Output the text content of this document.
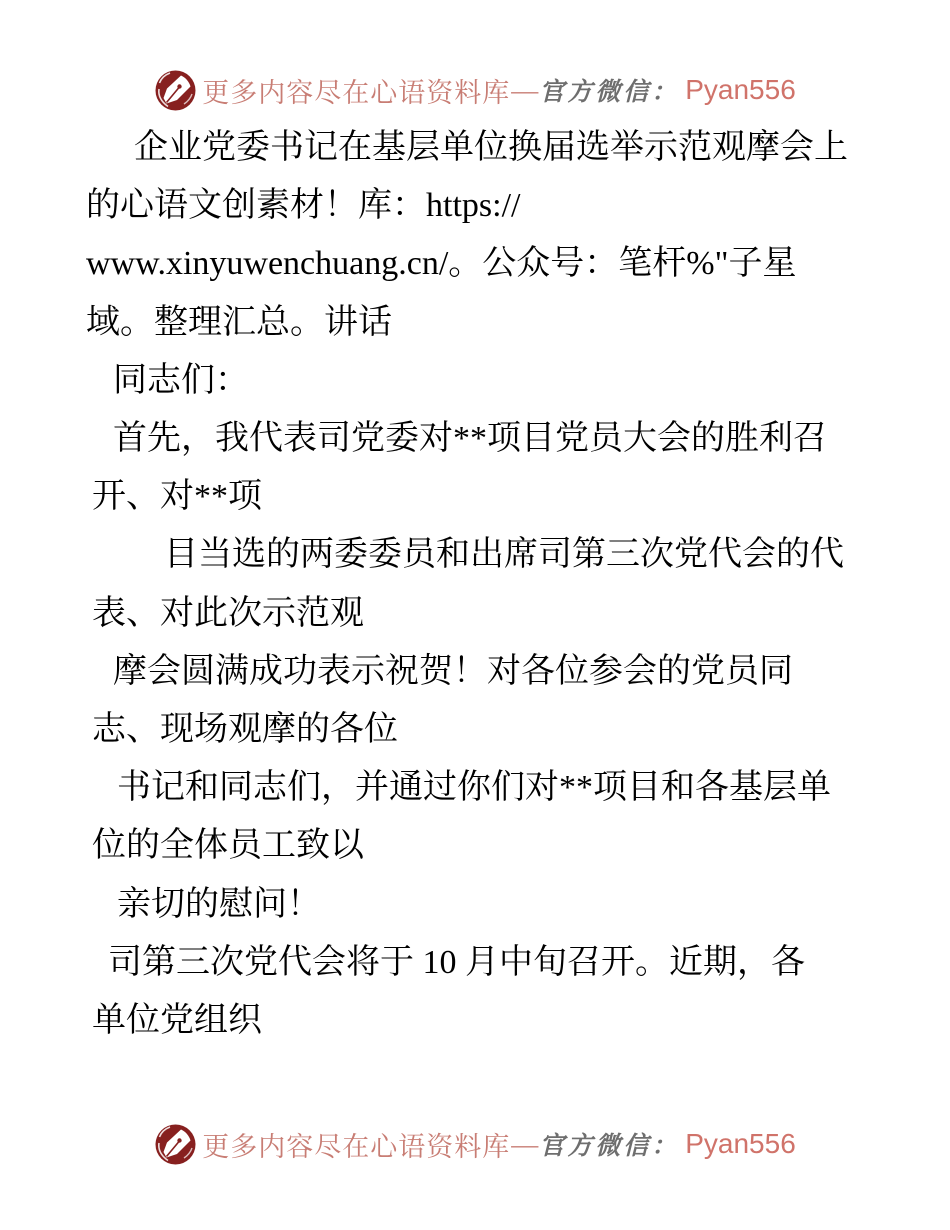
更多内容尽在心语资料库 — 官方微信： Pyan556
企业党委书记在基层单位换届选举示范观摩会上
的心语文创素材！库：https://
www.xinyuwenchuang.cn/。公众号：笔杆%"子星
域。整理汇总。讲话
同志们：
首先，我代表司党委对**项目党员大会的胜利召
开、对**项
目当选的两委委员和出席司第三次党代会的代
表、对此次示范观
摩会圆满成功表示祝贺！对各位参会的党员同
志、现场观摩的各位
书记和同志们，并通过你们对**项目和各基层单
位的全体员工致以
亲切的慰问！
司第三次党代会将于 10 月中旬召开。近期，各
单位党组织
更多内容尽在心语资料库 — 官方微信： Pyan556
